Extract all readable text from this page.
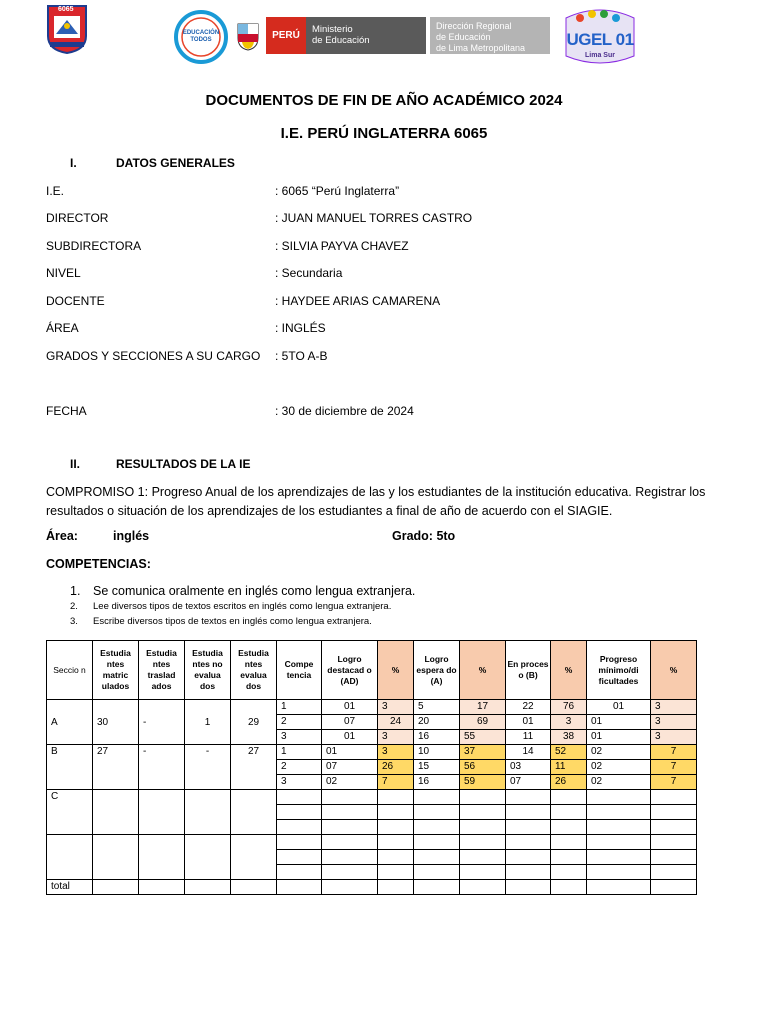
6065
EDUCACIÓN TODOS	PERÚ
Ministerio
de Educación
Dirección Regional
de Educación
de Lima Metropolitana	UGEL 01
Lima Sur
DOCUMENTOS DE FIN DE AÑO ACADÉMICO 2024
I.E. PERÚ INGLATERRA 6065
I.	DATOS GENERALES
I.E.	: 6065 “Perú Inglaterra”
DIRECTOR	: JUAN MANUEL TORRES CASTRO
SUBDIRECTORA	: SILVIA PAYVA CHAVEZ
NIVEL	: Secundaria
DOCENTE	: HAYDEE ARIAS CAMARENA
ÁREA	: INGLÉS
GRADOS Y SECCIONES A SU CARGO : 5TO A-B
FECHA	: 30 de diciembre de 2024
II.	RESULTADOS DE LA IE
COMPROMISO 1: Progreso Anual de los aprendizajes de las y los estudiantes de la institución educativa. Registrar los resultados o situación de los aprendizajes de los estudiantes a final de año de acuerdo con el SIAGIE.
Área:	inglés	Grado: 5to
COMPETENCIAS:
1. Se comunica oralmente en inglés como lengua extranjera.
2. Lee diversos tipos de textos escritos en inglés como lengua extranjera.
3. Escribe diversos tipos de textos en inglés como lengua extranjera.
Seccio n	Estudia ntes matric ulados	Estudia ntes traslad ados	Estudia ntes no evalua dos	Estudia ntes evalua dos	Compe tencia	Logro destacad o (AD)	%	Logro espera do (A)	%	En proces o (B)	%	Progreso mínimo/di ficultades	%
A	30	-	1	29	1	01	3	5	17	22	76	01	3
					2	07	24	20	69	01	3	01	3
					3	01	3	16	55	11	38	01	3
B	27	-	-	27	1	01	3	10	37	14	52	02	7
					2	07	26	15	56	03	11	02	7
					3	02	7	16	59	07	26	02	7
C													

total													
